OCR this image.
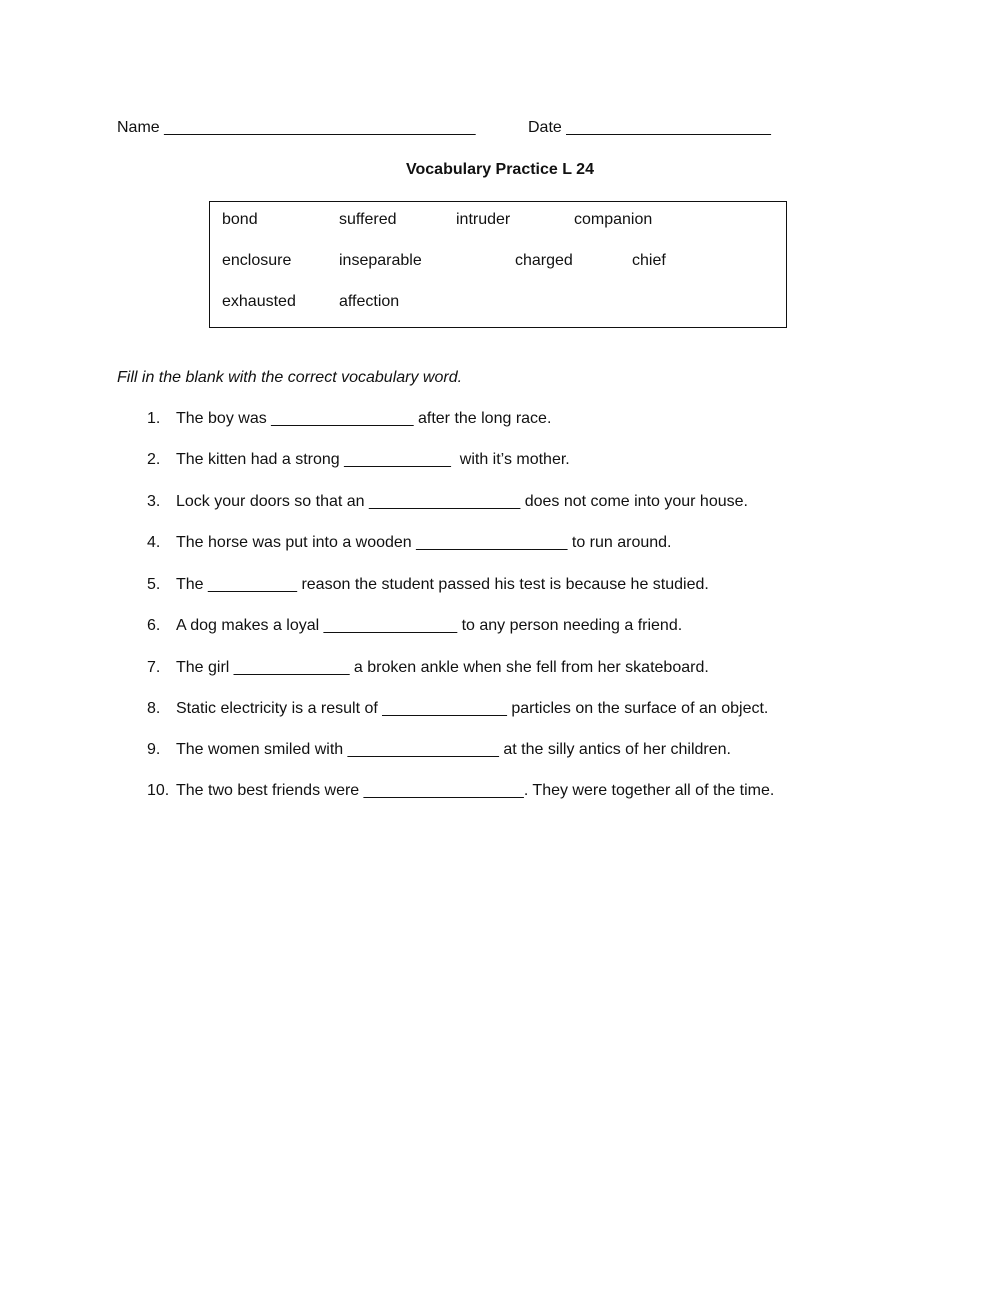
Name ___________________________________	Date _______________________
Vocabulary Practice L 24
bond	suffered	intruder	companion
enclosure	inseparable	charged	chief
exhausted	affection
Fill in the blank with the correct vocabulary word.
1. The boy was ________________ after the long race.
2. The kitten had a strong ____________  with it’s mother.
3. Lock your doors so that an _________________ does not come into your house.
4. The horse was put into a wooden _________________ to run around.
5. The __________ reason the student passed his test is because he studied.
6. A dog makes a loyal _______________ to any person needing a friend.
7. The girl _____________ a broken ankle when she fell from her skateboard.
8. Static electricity is a result of ______________ particles on the surface of an object.
9. The women smiled with _________________ at the silly antics of her children.
10. The two best friends were __________________. They were together all of the time.
